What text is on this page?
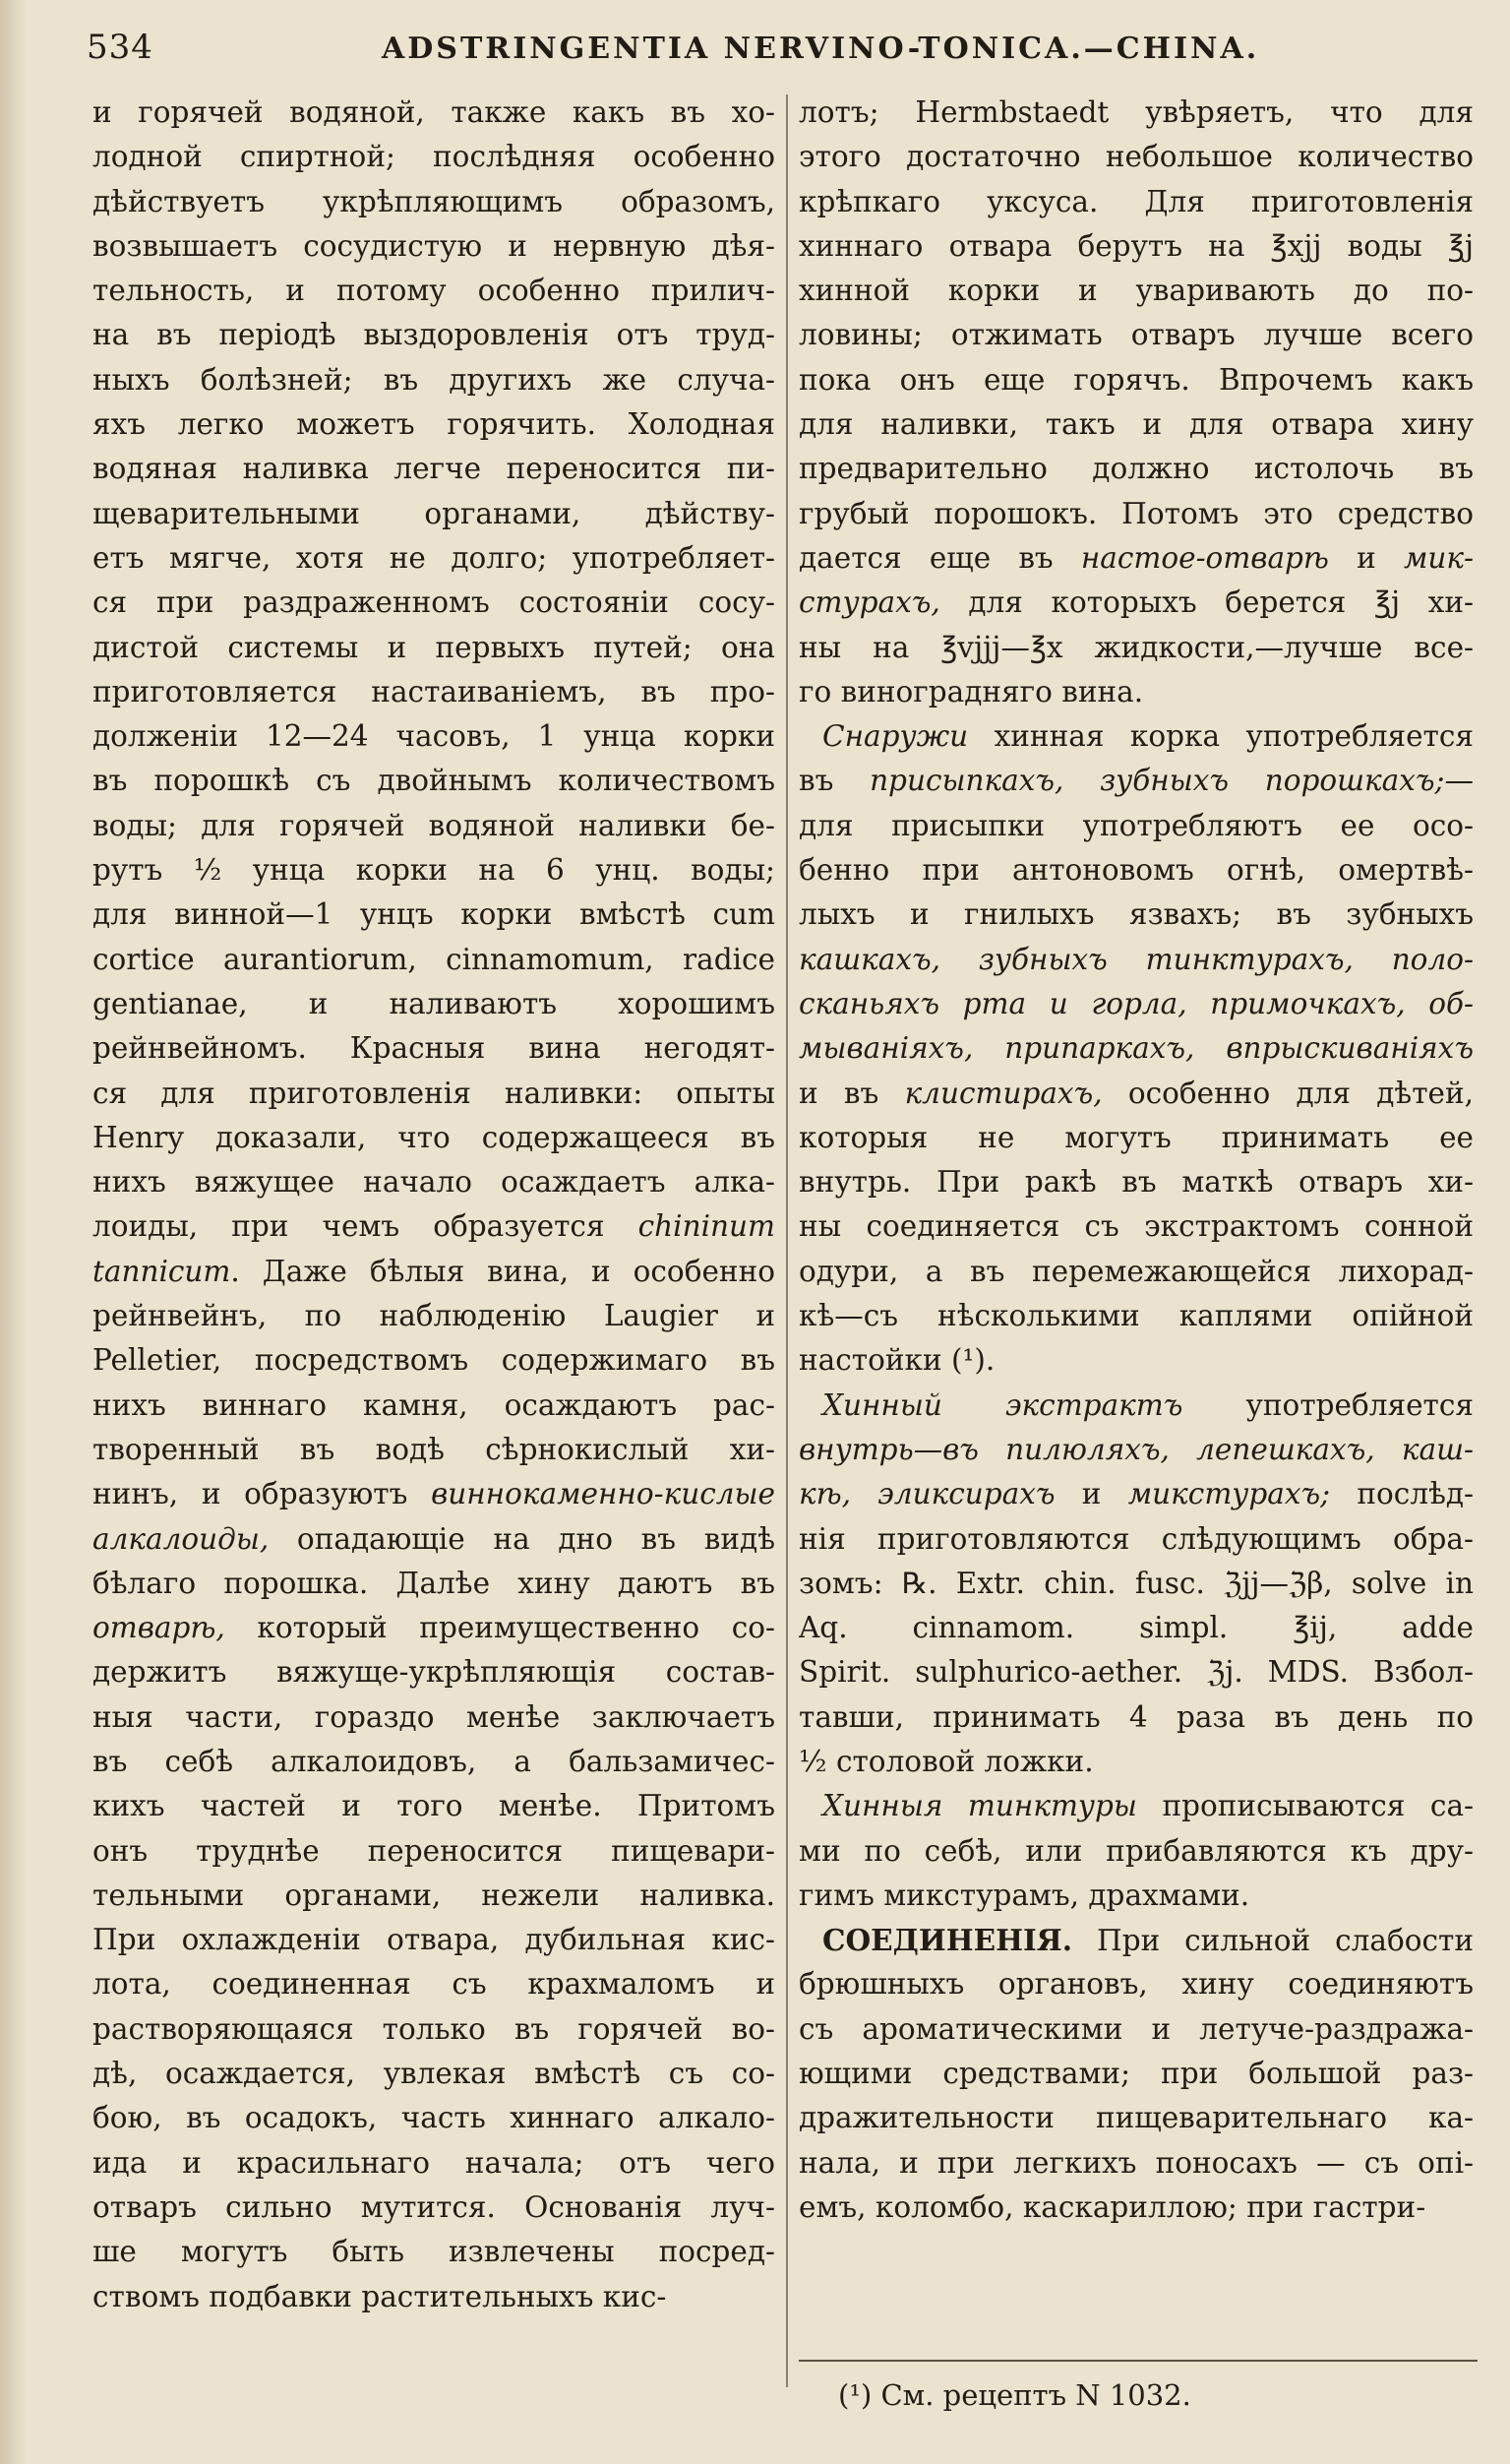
534	ADSTRINGENTIA NERVINO-TONICA.—CHINA.
и горячей водяной, также какъ въ хо-
лодной спиртной; послѣдняя особенно
дѣйствуетъ укрѣпляющимъ образомъ,
возвышаетъ сосудистую и нервную дѣя-
тельность, и потому особенно прилич-
на въ періодѣ выздоровленія отъ труд-
ныхъ болѣзней; въ другихъ же случа-
яхъ легко можетъ горячить. Холодная
водяная наливка легче переносится пи-
щеварительными органами, дѣйству-
етъ мягче, хотя не долго; употребляет-
ся при раздраженномъ состояніи сосу-
дистой системы и первыхъ путей; она
приготовляется настаиваніемъ, въ про-
долженіи 12—24 часовъ, 1 унца корки
въ порошкѣ съ двойнымъ количествомъ
воды; для горячей водяной наливки бе-
рутъ ½ унца корки на 6 унц. воды;
для винной—1 унцъ корки вмѣстѣ cum
cortice aurantiorum, cinnamomum, radice
gentianae, и наливаютъ хорошимъ
рейнвейномъ. Красныя вина негодят-
ся для приготовленія наливки: опыты
Henry доказали, что содержащееся въ
нихъ вяжущее начало осаждаетъ алка-
лоиды, при чемъ образуется chininum
tannicum. Даже бѣлыя вина, и особенно
рейнвейнъ, по наблюденію Laugier и
Pelletier, посредствомъ содержимаго въ
нихъ виннаго камня, осаждаютъ рас-
творенный въ водѣ сѣрнокислый хи-
нинъ, и образуютъ виннокаменно-кислые
алкалоиды, опадающіе на дно въ видѣ
бѣлаго порошка. Далѣе хину даютъ въ
отварѣ, который преимущественно со-
держитъ вяжуще-укрѣпляющія состав-
ныя части, гораздо менѣе заключаетъ
въ себѣ алкалоидовъ, а бальзамичес-
кихъ частей и того менѣе. Притомъ
онъ труднѣе переносится пищевари-
тельными органами, нежели наливка.
При охлажденіи отвара, дубильная кис-
лота, соединенная съ крахмаломъ и
растворяющаяся только въ горячей во-
дѣ, осаждается, увлекая вмѣстѣ съ со-
бою, въ осадокъ, часть хиннаго алкало-
ида и красильнаго начала; отъ чего
отваръ сильно мутится. Основанія луч-
ше могутъ быть извлечены посред-
ствомъ подбавки растительныхъ кис-
лотъ; Hermbstaedt увѣряетъ, что для
этого достаточно небольшое количество
крѣпкаго уксуса. Для приготовленія
хиннаго отвара берутъ на ℥xjj воды ℥j
хинной корки и уваривають до по-
ловины; отжимать отваръ лучше всего
пока онъ еще горячъ. Впрочемъ какъ
для наливки, такъ и для отвара хину
предварительно должно истолочь въ
грубый порошокъ. Потомъ это средство
дается еще въ настое-отварѣ и мик-
стурахъ, для которыхъ берется ℥j хи-
ны на ℥vjjj—℥x жидкости,—лучше все-
го виноградняго вина.
Снаружи хинная корка употребляется
въ присыпкахъ, зубныхъ порошкахъ;—
для присыпки употребляютъ ее осо-
бенно при антоновомъ огнѣ, омертвѣ-
лыхъ и гнилыхъ язвахъ; въ зубныхъ
кашкахъ, зубныхъ тинктурахъ, поло-
сканьяхъ рта и горла, примочкахъ, об-
мываніяхъ, припаркахъ, впрыскиваніяхъ
и въ клистирахъ, особенно для дѣтей,
которыя не могутъ принимать ее
внутрь. При ракѣ въ маткѣ отваръ хи-
ны соединяется съ экстрактомъ сонной
одури, а въ перемежающейся лихорад-
кѣ—съ нѣсколькими каплями опійной
настойки (¹).
Хинный экстрактъ употребляется
внутрь—въ пилюляхъ, лепешкахъ, каш-
кѣ, эликсирахъ и микстурахъ; послѣд-
нія приготовляются слѣдующимъ обра-
зомъ: ℞. Extr. chin. fusc. ℨjj—ℨβ, solve in
Aq. cinnamom. simpl. ℥ij, adde
Spirit. sulphurico-aether. ℨj. MDS. Взбол-
тавши, принимать 4 раза въ день по
½ столовой ложки.
Хинныя тинктуры прописываются са-
ми по себѣ, или прибавляются къ дру-
гимъ микстурамъ, драхмами.
СОЕДИНЕНІЯ. При сильной слабости
брюшныхъ органовъ, хину соединяютъ
съ ароматическими и летуче-раздража-
ющими средствами; при большой раз-
дражительности пищеварительнаго ка-
нала, и при легкихъ поносахъ — съ опі-
емъ, коломбо, каскариллою; при гастри-
(¹) См. рецептъ N 1032.
